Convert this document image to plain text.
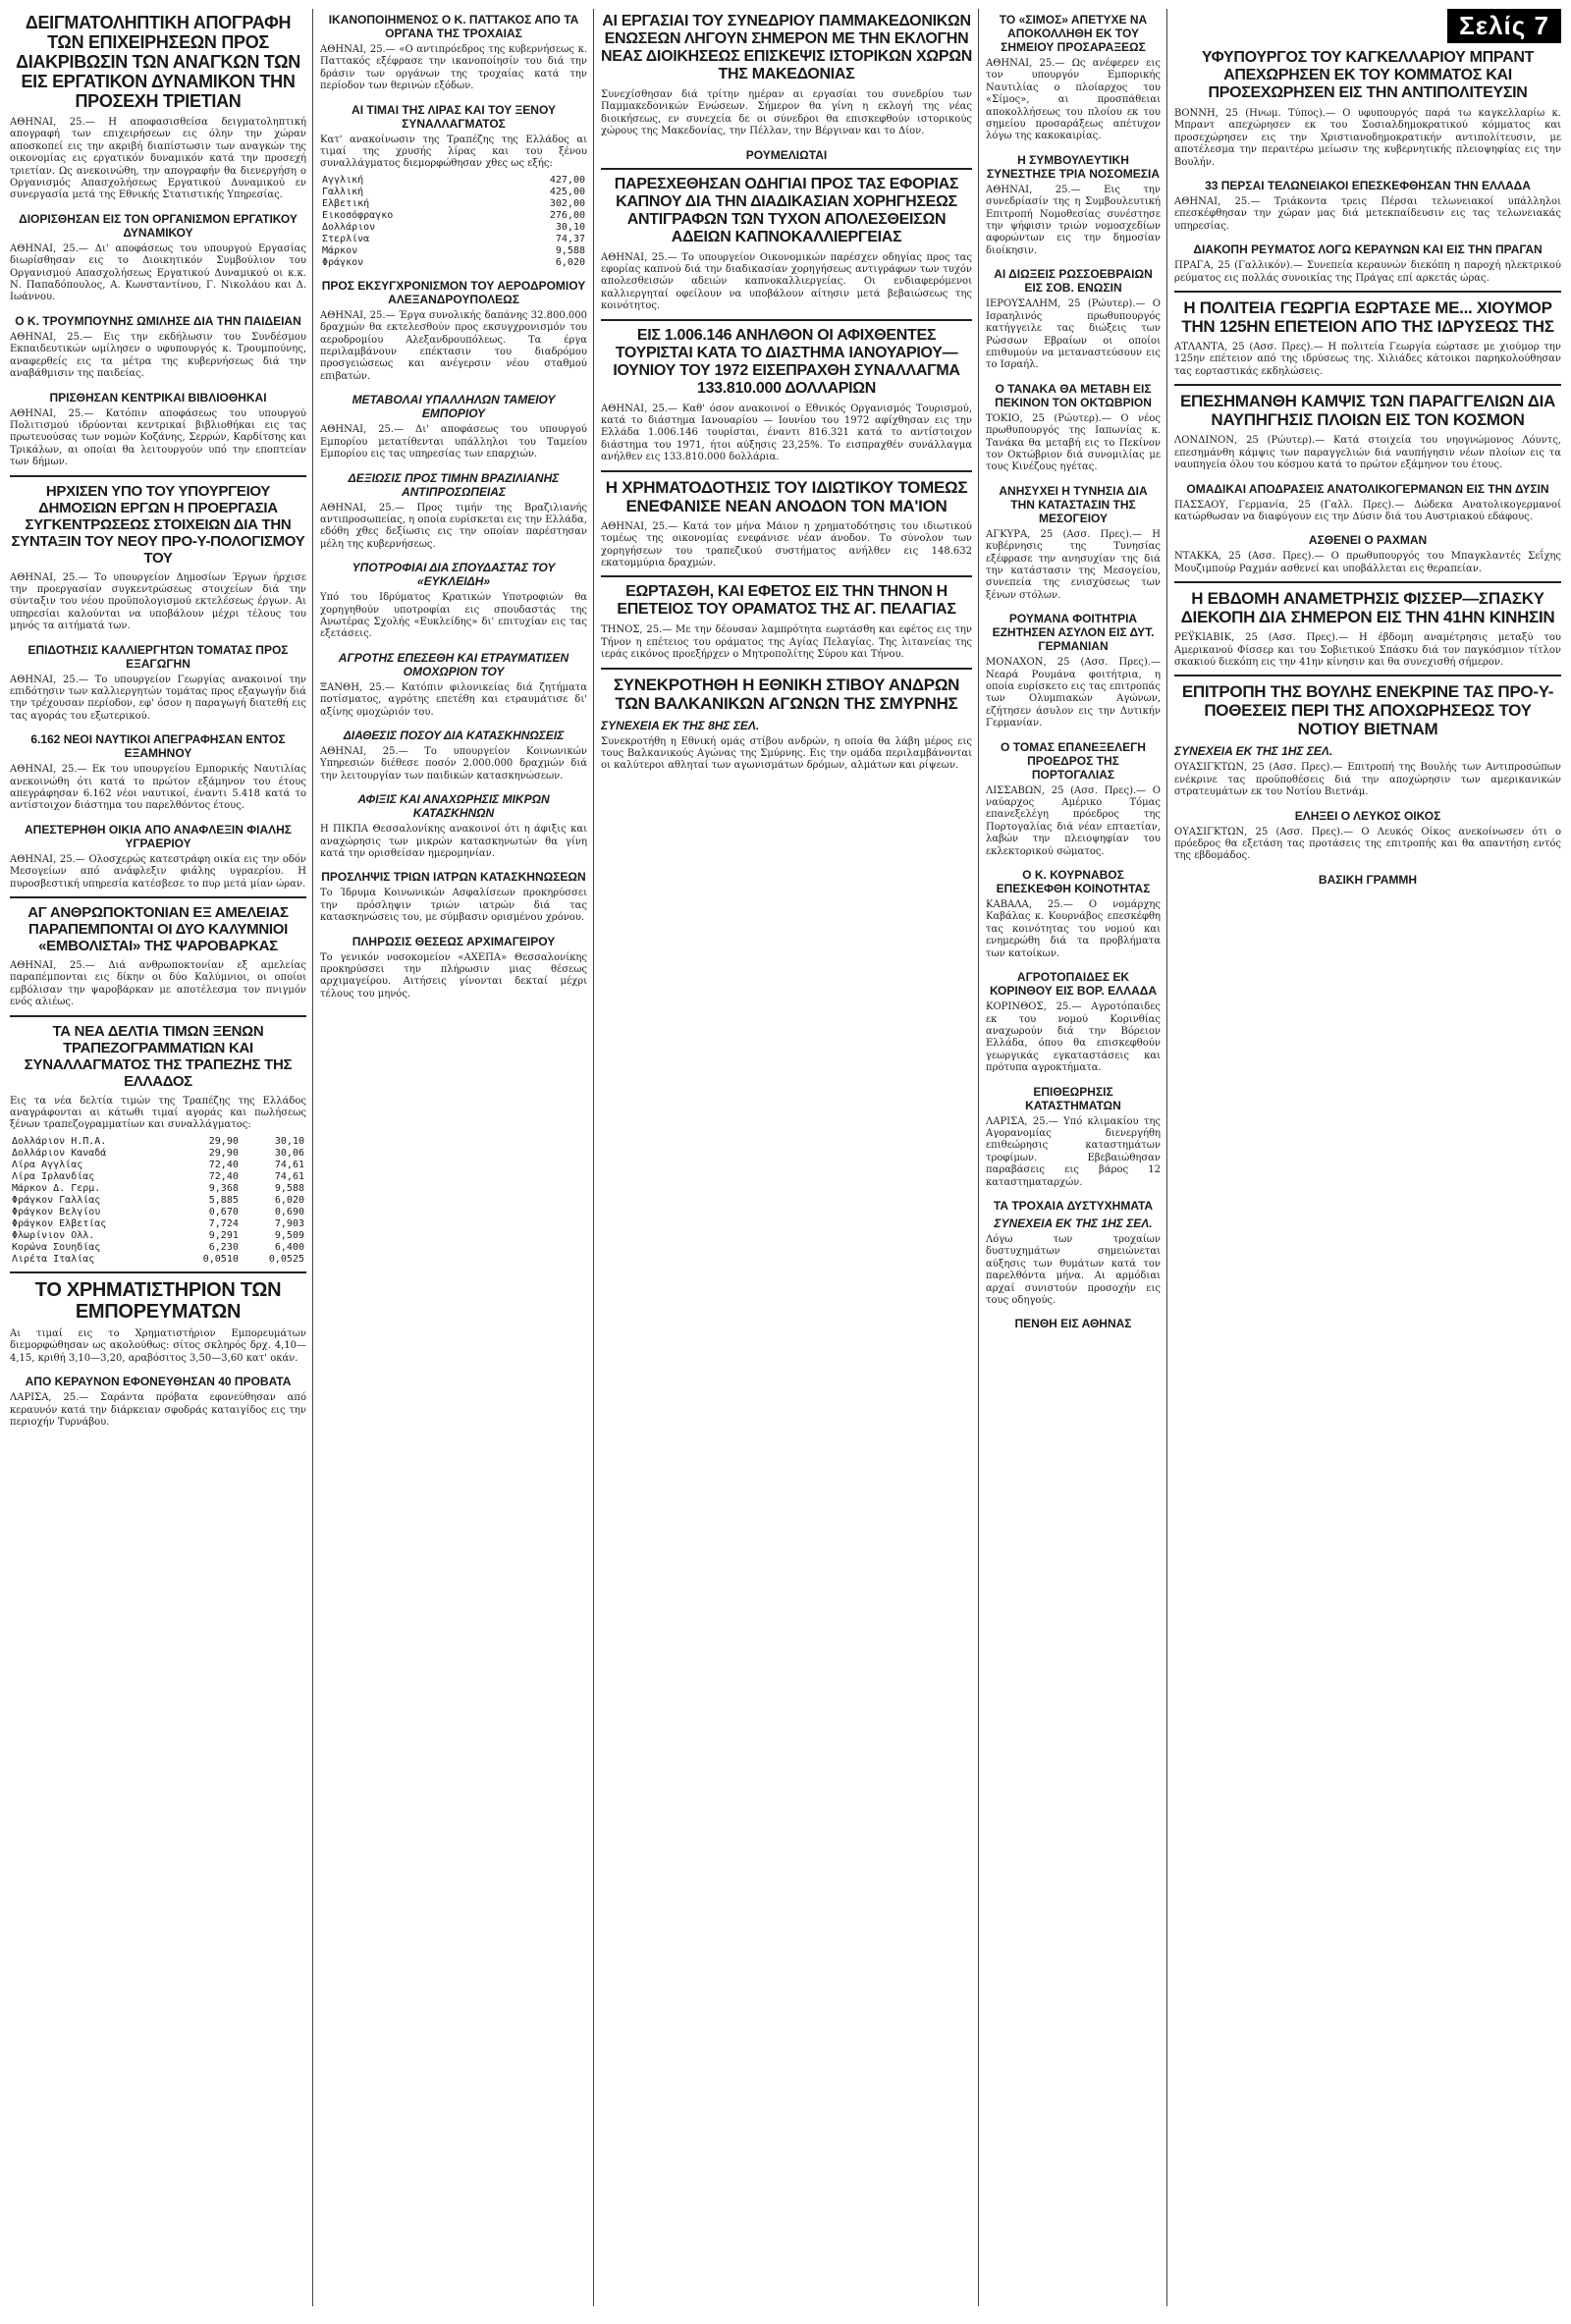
ΔΕΙΓΜΑΤΟΛΗΠΤΙΚΗ ΑΠΟΓΡΑΦΗ ΤΩΝ ΕΠΙΧΕΙΡΗΣΕΩΝ ΠΡΟΣ ΔΙΑΚΡΙΒΩΣΙΝ ΤΩΝ ΑΝΑΓΚΩΝ ΤΩΝ ΕΙΣ ΕΡΓΑΤΙΚΟΝ ΔΥΝΑΜΙΚΟΝ ΤΗΝ ΠΡΟΣΕΧΗ ΤΡΙΕΤΙΑΝ

ΑΘΗΝΑΙ, 25.— Η αποφασισθείσα δειγματοληπτική απογραφή των επιχειρήσεων εις όλην την χώραν αποσκοπεί εις την ακριβή διαπίστωσιν των αναγκών της οικονομίας εις εργατικόν δυναμικόν κατά την προσεχή τριετίαν. Ως ανεκοινώθη, την απογραφήν θα διενεργήση ο Οργανισμός Απασχολήσεως Εργατικού Δυναμικού εν συνεργασία μετά της Εθνικής Στατιστικής Υπηρεσίας.

ΔΙΟΡΙΣΘΗΣΑΝ ΕΙΣ ΤΟΝ ΟΡΓΑΝΙΣΜΟΝ ΕΡΓΑΤΙΚΟΥ ΔΥΝΑΜΙΚΟΥ

ΑΘΗΝΑΙ, 25.— Δι' αποφάσεως του υπουργού Εργασίας διωρίσθησαν εις το Διοικητικόν Συμβούλιον του Οργανισμού Απασχολήσεως Εργατικού Δυναμικού οι κ.κ. Ν. Παπαδόπουλος, Α. Κωνσταντίνου, Γ. Νικολάου και Δ. Ιωάννου.

Ο Κ. ΤΡΟΥΜΠΟΥΝΗΣ ΩΜΙΛΗΣΕ ΔΙΑ ΤΗΝ ΠΑΙΔΕΙΑΝ

ΑΘΗΝΑΙ, 25.— Εις την εκδήλωσιν του Συνδέσμου Εκπαιδευτικών ωμίλησεν ο υφυπουργός κ. Τρουμπούνης, αναφερθείς εις τα μέτρα της κυβερνήσεως διά την αναβάθμισιν της παιδείας.

ΠΡΙΣΘΗΣΑΝ ΚΕΝΤΡΙΚΑΙ ΒΙΒΛΙΟΘΗΚΑΙ

ΑΘΗΝΑΙ, 25.— Κατόπιν αποφάσεως του υπουργού Πολιτισμού ιδρύονται κεντρικαί βιβλιοθήκαι εις τας πρωτευούσας των νομών Κοζάνης, Σερρών, Καρδίτσης και Τρικάλων, αι οποίαι θα λειτουργούν υπό την εποπτείαν των δήμων.

ΗΡΧΙΣΕΝ ΥΠΟ ΤΟΥ ΥΠΟΥΡΓΕΙΟΥ ΔΗΜΟΣΙΩΝ ΕΡΓΩΝ Η ΠΡΟΕΡΓΑΣΙΑ ΣΥΓΚΕΝΤΡΩΣΕΩΣ ΣΤΟΙΧΕΙΩΝ ΔΙΑ ΤΗΝ ΣΥΝΤΑΞΙΝ ΤΟΥ ΝΕΟΥ ΠΡΟ-Υ-ΠΟΛΟΓΙΣΜΟΥ ΤΟΥ

ΑΘΗΝΑΙ, 25.— Το υπουργείον Δημοσίων Έργων ήρχισε την προεργασίαν συγκεντρώσεως στοιχείων διά την σύνταξιν του νέου προϋπολογισμού εκτελέσεως έργων. Αι υπηρεσίαι καλούνται να υποβάλουν μέχρι τέλους του μηνός τα αιτήματά των.

ΕΠΙΔΟΤΗΣΙΣ ΚΑΛΛΙΕΡΓΗΤΩΝ ΤΟΜΑΤΑΣ ΠΡΟΣ ΕΞΑΓΩΓΗΝ

ΑΘΗΝΑΙ, 25.— Το υπουργείον Γεωργίας ανακοινοί την επιδότησιν των καλλιεργητών τομάτας προς εξαγωγήν διά την τρέχουσαν περίοδον, εφ' όσον η παραγωγή διατεθή εις τας αγοράς του εξωτερικού.

6.162 ΝΕΟΙ ΝΑΥΤΙΚΟΙ ΑΠΕΓΡΑΦΗΣΑΝ ΕΝΤΟΣ ΕΞΑΜΗΝΟΥ

ΑΘΗΝΑΙ, 25.— Εκ του υπουργείου Εμπορικής Ναυτιλίας ανεκοινώθη ότι κατά το πρώτον εξάμηνον του έτους απεγράφησαν 6.162 νέοι ναυτικοί, έναντι 5.418 κατά το αντίστοιχον διάστημα του παρελθόντος έτους.

ΑΠΕΣΤΕΡΗΘΗ ΟΙΚΙΑ ΑΠΟ ΑΝΑΦΛΕΞΙΝ ΦΙΑΛΗΣ ΥΓΡΑΕΡΙΟΥ

ΑΘΗΝΑΙ, 25.— Ολοσχερώς κατεστράφη οικία εις την οδόν Μεσογείων από ανάφλεξιν φιάλης υγραερίου. Η πυροσβεστική υπηρεσία κατέσβεσε το πυρ μετά μίαν ώραν.

ΑΓ ΑΝΘΡΩΠΟΚΤΟΝΙΑΝ ΕΞ ΑΜΕΛΕΙΑΣ ΠΑΡΑΠΕΜΠΟΝΤΑΙ ΟΙ ΔΥΟ ΚΑΛΥΜΝΙΟΙ «ΕΜΒΟΛΙΣΤΑΙ» ΤΗΣ ΨΑΡΟΒΑΡΚΑΣ

ΑΘΗΝΑΙ, 25.— Διά ανθρωποκτονίαν εξ αμελείας παραπέμπονται εις δίκην οι δύο Καλύμνιοι, οι οποίοι εμβόλισαν την ψαροβάρκαν με αποτέλεσμα τον πνιγμόν ενός αλιέως.

ΤΑ ΝΕΑ ΔΕΛΤΙΑ ΤΙΜΩΝ ΞΕΝΩΝ ΤΡΑΠΕΖΟΓΡΑΜΜΑΤΙΩΝ ΚΑΙ ΣΥΝΑΛΛΑΓΜΑΤΟΣ ΤΗΣ ΤΡΑΠΕΖΗΣ ΤΗΣ ΕΛΛΑΔΟΣ

Εις τα νέα δελτία τιμών της Τραπέζης της Ελλάδος αναγράφονται αι κάτωθι τιμαί αγοράς και πωλήσεως ξένων τραπεζογραμματίων και συναλλάγματος:

Δολλάριον Η.Π.Α.	29,90	30,10
Δολλάριον Καναδά	29,90	30,06
Λίρα Αγγλίας	72,40	74,61
Λίρα Ιρλανδίας	72,40	74,61
Μάρκον Δ. Γερμ.	9,368	9,588
Φράγκον Γαλλίας	5,885	6,020
Φράγκον Βελγίου	0,670	0,690
Φράγκον Ελβετίας	7,724	7,903
Φλωρίνιον Ολλ.	9,291	9,509
Κορώνα Σουηδίας	6,230	6,400
Λιρέτα Ιταλίας	0,0510	0,0525
ΤΟ ΧΡΗΜΑΤΙΣΤΗΡΙΟΝ ΤΩΝ ΕΜΠΟΡΕΥΜΑΤΩΝ

Αι τιμαί εις το Χρηματιστήριον Εμπορευμάτων διεμορφώθησαν ως ακολούθως: σίτος σκληρός δρχ. 4,10—4,15, κριθή 3,10—3,20, αραβόσιτος 3,50—3,60 κατ' οκάν.

ΑΠΟ ΚΕΡΑΥΝΟΝ ΕΦΟΝΕΥΘΗΣΑΝ 40 ΠΡΟΒΑΤΑ

ΛΑΡΙΣΑ, 25.— Σαράντα πρόβατα εφονεύθησαν από κεραυνόν κατά την διάρκειαν σφοδράς καταιγίδος εις την περιοχήν Τυρνάβου.

ΙΚΑΝΟΠΟΙΗΜΕΝΟΣ Ο Κ. ΠΑΤΤΑΚΟΣ ΑΠΟ ΤΑ ΟΡΓΑΝΑ ΤΗΣ ΤΡΟΧΑΙΑΣ

ΑΘΗΝΑΙ, 25.— «Ο αντιπρόεδρος της κυβερνήσεως κ. Παττακός εξέφρασε την ικανοποίησίν του διά την δράσιν των οργάνων της τροχαίας κατά την περίοδον των θερινών εξόδων.

ΑΙ ΤΙΜΑΙ ΤΗΣ ΛΙΡΑΣ ΚΑΙ ΤΟΥ ΞΕΝΟΥ ΣΥΝΑΛΛΑΓΜΑΤΟΣ

Κατ' ανακοίνωσιν της Τραπέζης της Ελλάδος αι τιμαί της χρυσής λίρας και του ξένου συναλλάγματος διεμορφώθησαν χθες ως εξής:

Αγγλική	427,00
Γαλλική	425,00
Ελβετική	302,00
Εικοσόφραγκο	276,00
Δολλάριον	30,10
Στερλίνα	74,37
Μάρκον	9,588
Φράγκον	6,020
ΠΡΟΣ ΕΚΣΥΓΧΡΟΝΙΣΜΟΝ ΤΟΥ ΑΕΡΟΔΡΟΜΙΟΥ ΑΛΕΞΑΝΔΡΟΥΠΟΛΕΩΣ

ΑΘΗΝΑΙ, 25.— Έργα συνολικής δαπάνης 32.800.000 δραχμών θα εκτελεσθούν προς εκσυγχρονισμόν του αεροδρομίου Αλεξανδρουπόλεως. Τα έργα περιλαμβάνουν επέκτασιν του διαδρόμου προσγειώσεως και ανέγερσιν νέου σταθμού επιβατών.

ΜΕΤΑΒΟΛΑΙ ΥΠΑΛΛΗΛΩΝ ΤΑΜΕΙΟΥ ΕΜΠΟΡΙΟΥ

ΑΘΗΝΑΙ, 25.— Δι' αποφάσεως του υπουργού Εμπορίου μετατίθενται υπάλληλοι του Ταμείου Εμπορίου εις τας υπηρεσίας των επαρχιών.

ΔΕΞΙΩΣΙΣ ΠΡΟΣ ΤΙΜΗΝ ΒΡΑΖΙΛΙΑΝΗΣ ΑΝΤΙΠΡΟΣΩΠΕΙΑΣ

ΑΘΗΝΑΙ, 25.— Προς τιμήν της Βραζιλιανής αντιπροσωπείας, η οποία ευρίσκεται εις την Ελλάδα, εδόθη χθες δεξίωσις εις την οποίαν παρέστησαν μέλη της κυβερνήσεως.

ΥΠΟΤΡΟΦΙΑΙ ΔΙΑ ΣΠΟΥΔΑΣΤΑΣ ΤΟΥ «ΕΥΚΛΕΙΔΗ»

Υπό του Ιδρύματος Κρατικών Υποτροφιών θα χορηγηθούν υποτροφίαι εις σπουδαστάς της Ανωτέρας Σχολής «Ευκλείδης» δι' επιτυχίαν εις τας εξετάσεις.

ΑΓΡΟΤΗΣ ΕΠΕΣΕΘΗ ΚΑΙ ΕΤΡΑΥΜΑΤΙΣΕΝ ΟΜΟΧΩΡΙΟΝ ΤΟΥ

ΞΑΝΘΗ, 25.— Κατόπιν φιλονικείας διά ζητήματα ποτίσματος, αγρότης επετέθη και ετραυμάτισε δι' αξίνης ομοχώριόν του.

ΔΙΑΘΕΣΙΣ ΠΟΣΟΥ ΔΙΑ ΚΑΤΑΣΚΗΝΩΣΕΙΣ

ΑΘΗΝΑΙ, 25.— Το υπουργείον Κοινωνικών Υπηρεσιών διέθεσε ποσόν 2.000.000 δραχμών διά την λειτουργίαν των παιδικών κατασκηνώσεων.

ΑΦΙΞΙΣ ΚΑΙ ΑΝΑΧΩΡΗΣΙΣ ΜΙΚΡΩΝ ΚΑΤΑΣΚΗΝΩΝ

Η ΠΙΚΠΑ Θεσσαλονίκης ανακοινοί ότι η άφιξις και αναχώρησις των μικρών κατασκηνωτών θα γίνη κατά την ορισθείσαν ημερομηνίαν.

ΠΡΟΣΛΗΨΙΣ ΤΡΙΩΝ ΙΑΤΡΩΝ ΚΑΤΑΣΚΗΝΩΣΕΩΝ

Το Ίδρυμα Κοινωνικών Ασφαλίσεων προκηρύσσει την πρόσληψιν τριών ιατρών διά τας κατασκηνώσεις του, με σύμβασιν ορισμένου χρόνου.

ΠΛΗΡΩΣΙΣ ΘΕΣΕΩΣ ΑΡΧΙΜΑΓΕΙΡΟΥ

Το γενικόν νοσοκομείον «ΑΧΕΠΑ» Θεσσαλονίκης προκηρύσσει την πλήρωσιν μιας θέσεως αρχιμαγείρου. Αιτήσεις γίνονται δεκταί μέχρι τέλους του μηνός.

ΑΙ ΕΡΓΑΣΙΑΙ ΤΟΥ ΣΥΝΕΔΡΙΟΥ ΠΑΜΜΑΚΕΔΟΝΙΚΩΝ ΕΝΩΣΕΩΝ ΛΗΓΟΥΝ ΣΗΜΕΡΟΝ ΜΕ ΤΗΝ ΕΚΛΟΓΗΝ ΝΕΑΣ ΔΙΟΙΚΗΣΕΩΣ ΕΠΙΣΚΕΨΙΣ ΙΣΤΟΡΙΚΩΝ ΧΩΡΩΝ ΤΗΣ ΜΑΚΕΔΟΝΙΑΣ

Συνεχίσθησαν διά τρίτην ημέραν αι εργασίαι του συνεδρίου των Παμμακεδονικών Ενώσεων. Σήμερον θα γίνη η εκλογή της νέας διοικήσεως, εν συνεχεία δε οι σύνεδροι θα επισκεφθούν ιστορικούς χώρους της Μακεδονίας, την Πέλλαν, την Βέργιναν και το Δίον.

ΡΟΥΜΕΛΙΩΤΑΙ
ΠΑΡΕΣΧΕΘΗΣΑΝ ΟΔΗΓΙΑΙ ΠΡΟΣ ΤΑΣ ΕΦΟΡΙΑΣ ΚΑΠΝΟΥ ΔΙΑ ΤΗΝ ΔΙΑΔΙΚΑΣΙΑΝ ΧΟΡΗΓΗΣΕΩΣ ΑΝΤΙΓΡΑΦΩΝ ΤΩΝ ΤΥΧΟΝ ΑΠΟΛΕΣΘΕΙΣΩΝ ΑΔΕΙΩΝ ΚΑΠΝΟΚΑΛΛΙΕΡΓΕΙΑΣ

ΑΘΗΝΑΙ, 25.— Το υπουργείον Οικονομικών παρέσχεν οδηγίας προς τας εφορίας καπνού διά την διαδικασίαν χορηγήσεως αντιγράφων των τυχόν απολεσθεισών αδειών καπνοκαλλιεργείας. Οι ενδιαφερόμενοι καλλιεργηταί οφείλουν να υποβάλουν αίτησιν μετά βεβαιώσεως της κοινότητος.

ΕΙΣ 1.006.146 ΑΝΗΛΘΟΝ ΟΙ ΑΦΙΧΘΕΝΤΕΣ ΤΟΥΡΙΣΤΑΙ ΚΑΤΑ ΤΟ ΔΙΑΣΤΗΜΑ ΙΑΝΟΥΑΡΙΟΥ—ΙΟΥΝΙΟΥ ΤΟΥ 1972 ΕΙΣΕΠΡΑΧΘΗ ΣΥΝΑΛΛΑΓΜΑ 133.810.000 ΔΟΛΛΑΡΙΩΝ

ΑΘΗΝΑΙ, 25.— Καθ' όσον ανακοινοί ο Εθνικός Οργανισμός Τουρισμού, κατά το διάστημα Ιανουαρίου — Ιουνίου του 1972 αφίχθησαν εις την Ελλάδα 1.006.146 τουρίσται, έναντι 816.321 κατά το αντίστοιχον διάστημα του 1971, ήτοι αύξησις 23,25%. Το εισπραχθέν συνάλλαγμα ανήλθεν εις 133.810.000 δολλάρια.

Η ΧΡΗΜΑΤΟΔΟΤΗΣΙΣ ΤΟΥ ΙΔΙΩΤΙΚΟΥ ΤΟΜΕΩΣ ΕΝΕΦΑΝΙΣΕ ΝΕΑΝ ΑΝΟΔΟΝ ΤΟΝ ΜΑ'ΙΟΝ

ΑΘΗΝΑΙ, 25.— Κατά τον μήνα Μάιον η χρηματοδότησις του ιδιωτικού τομέως της οικονομίας ενεφάνισε νέαν άνοδον. Το σύνολον των χορηγήσεων του τραπεζικού συστήματος ανήλθεν εις 148.632 εκατομμύρια δραχμών.

ΕΩΡΤΑΣΘΗ, ΚΑΙ ΕΦΕΤΟΣ ΕΙΣ ΤΗΝ ΤΗΝΟΝ Η ΕΠΕΤΕΙΟΣ ΤΟΥ ΟΡΑΜΑΤΟΣ ΤΗΣ ΑΓ. ΠΕΛΑΓΙΑΣ

ΤΗΝΟΣ, 25.— Με την δέουσαν λαμπρότητα εωρτάσθη και εφέτος εις την Τήνον η επέτειος του οράματος της Αγίας Πελαγίας. Της λιτανείας της ιεράς εικόνος προεξήρχεν ο Μητροπολίτης Σύρου και Τήνου.

ΣΥΝΕΚΡΟΤΗΘΗ Η ΕΘΝΙΚΗ ΣΤΙΒΟΥ ΑΝΔΡΩΝ ΤΩΝ ΒΑΛΚΑΝΙΚΩΝ ΑΓΩΝΩΝ ΤΗΣ ΣΜΥΡΝΗΣ
ΣΥΝΕΧΕΙΑ ΕΚ ΤΗΣ 8ΗΣ ΣΕΛ.

Συνεκροτήθη η Εθνική ομάς στίβου ανδρών, η οποία θα λάβη μέρος εις τους Βαλκανικούς Αγώνας της Σμύρνης. Εις την ομάδα περιλαμβάνονται οι καλύτεροι αθληταί των αγωνισμάτων δρόμων, αλμάτων και ρίψεων.

ΤΟ «ΣΙΜΟΣ» ΑΠΕΤΥΧΕ ΝΑ ΑΠΟΚΟΛΛΗΘΗ ΕΚ ΤΟΥ ΣΗΜΕΙΟΥ ΠΡΟΣΑΡΑΞΕΩΣ

ΑΘΗΝΑΙ, 25.— Ως ανέφερεν εις τον υπουργόν Εμπορικής Ναυτιλίας ο πλοίαρχος του «Σίμος», αι προσπάθειαι αποκολλήσεως του πλοίου εκ του σημείου προσαράξεως απέτυχον λόγω της κακοκαιρίας.

Η ΣΥΜΒΟΥΛΕΥΤΙΚΗ ΣΥΝΕΣΤΗΣΕ ΤΡΙΑ ΝΟΣΟΜΕΣΙΑ

ΑΘΗΝΑΙ, 25.— Εις την συνεδρίασίν της η Συμβουλευτική Επιτροπή Νομοθεσίας συνέστησε την ψήφισιν τριών νομοσχεδίων αφορώντων εις την δημοσίαν διοίκησιν.

ΑΙ ΔΙΩΞΕΙΣ ΡΩΣΣΟΕΒΡΑΙΩΝ ΕΙΣ ΣΟΒ. ΕΝΩΣΙΝ

ΙΕΡΟΥΣΑΛΗΜ, 25 (Ρώυτερ).— Ο Ισραηλινός πρωθυπουργός κατήγγειλε τας διώξεις των Ρώσσων Εβραίων οι οποίοι επιθυμούν να μεταναστεύσουν εις το Ισραήλ.

Ο ΤΑΝΑΚΑ ΘΑ ΜΕΤΑΒΗ ΕΙΣ ΠΕΚΙΝΟΝ ΤΟΝ ΟΚΤΩΒΡΙΟΝ

ΤΟΚΙΟ, 25 (Ρώυτερ).— Ο νέος πρωθυπουργός της Ιαπωνίας κ. Τανάκα θα μεταβή εις το Πεκίνον τον Οκτώβριον διά συνομιλίας με τους Κινέζους ηγέτας.

ΑΝΗΣΥΧΕΙ Η ΤΥΝΗΣΙΑ ΔΙΑ ΤΗΝ ΚΑΤΑΣΤΑΣΙΝ ΤΗΣ ΜΕΣΟΓΕΙΟΥ

ΑΓΚΥΡΑ, 25 (Ασσ. Πρες).— Η κυβέρνησις της Τυνησίας εξέφρασε την ανησυχίαν της διά την κατάστασιν της Μεσογείου, συνεπεία της ενισχύσεως των ξένων στόλων.

ΡΟΥΜΑΝΑ ΦΟΙΤΗΤΡΙΑ ΕΖΗΤΗΣΕΝ ΑΣΥΛΟΝ ΕΙΣ ΔΥΤ. ΓΕΡΜΑΝΙΑΝ

ΜΟΝΑΧΟΝ, 25 (Ασσ. Πρες).— Νεαρά Ρουμάνα φοιτήτρια, η οποία ευρίσκετο εις τας επιτροπάς των Ολυμπιακών Αγώνων, εζήτησεν άσυλον εις την Δυτικήν Γερμανίαν.

Ο ΤΟΜΑΣ ΕΠΑΝΕΞΕΛΕΓΗ ΠΡΟΕΔΡΟΣ ΤΗΣ ΠΟΡΤΟΓΑΛΙΑΣ

ΛΙΣΣΑΒΩΝ, 25 (Ασσ. Πρες).— Ο ναύαρχος Αμέρικο Τόμας επανεξελέγη πρόεδρος της Πορτογαλίας διά νέαν επταετίαν, λαβών την πλειοψηφίαν του εκλεκτορικού σώματος.

Ο Κ. ΚΟΥΡΝΑΒΟΣ ΕΠΕΣΚΕΦΘΗ ΚΟΙΝΟΤΗΤΑΣ

ΚΑΒΑΛΑ, 25.— Ο νομάρχης Καβάλας κ. Κουρνάβος επεσκέφθη τας κοινότητας του νομού και ενημερώθη διά τα προβλήματα των κατοίκων.

ΑΓΡΟΤΟΠΑΙΔΕΣ ΕΚ ΚΟΡΙΝΘΟΥ ΕΙΣ ΒΟΡ. ΕΛΛΑΔΑ

ΚΟΡΙΝΘΟΣ, 25.— Αγροτόπαιδες εκ του νομού Κορινθίας αναχωρούν διά την Βόρειον Ελλάδα, όπου θα επισκεφθούν γεωργικάς εγκαταστάσεις και πρότυπα αγροκτήματα.

ΕΠΙΘΕΩΡΗΣΙΣ ΚΑΤΑΣΤΗΜΑΤΩΝ

ΛΑΡΙΣΑ, 25.— Υπό κλιμακίου της Αγορανομίας διενεργήθη επιθεώρησις καταστημάτων τροφίμων. Εβεβαιώθησαν παραβάσεις εις βάρος 12 καταστηματαρχών.

ΤΑ ΤΡΟΧΑΙΑ ΔΥΣΤΥΧΗΜΑΤΑ
ΣΥΝΕΧΕΙΑ ΕΚ ΤΗΣ 1ΗΣ ΣΕΛ.

Λόγω των τροχαίων δυστυχημάτων σημειώνεται αύξησις των θυμάτων κατά τον παρελθόντα μήνα. Αι αρμόδιαι αρχαί συνιστούν προσοχήν εις τους οδηγούς.

ΠΕΝΘΗ ΕΙΣ ΑΘΗΝΑΣ
Σελίς 7
ΥΦΥΠΟΥΡΓΟΣ ΤΟΥ ΚΑΓΚΕΛΛΑΡΙΟΥ ΜΠΡΑΝΤ ΑΠΕΧΩΡΗΣΕΝ ΕΚ ΤΟΥ ΚΟΜΜΑΤΟΣ ΚΑΙ ΠΡΟΣΕΧΩΡΗΣΕΝ ΕΙΣ ΤΗΝ ΑΝΤΙΠΟΛΙΤΕΥΣΙΝ

ΒΟΝΝΗ, 25 (Ηνωμ. Τύπος).— Ο υφυπουργός παρά τω καγκελλαρίω κ. Μπραντ απεχώρησεν εκ του Σοσιαλδημοκρατικού κόμματος και προσεχώρησεν εις την Χριστιανοδημοκρατικήν αντιπολίτευσιν, με αποτέλεσμα την περαιτέρω μείωσιν της κυβερνητικής πλειοψηφίας εις την Βουλήν.

33 ΠΕΡΣΑΙ ΤΕΛΩΝΕΙΑΚΟΙ ΕΠΕΣΚΕΦΘΗΣΑΝ ΤΗΝ ΕΛΛΑΔΑ

ΑΘΗΝΑΙ, 25.— Τριάκοντα τρεις Πέρσαι τελωνειακοί υπάλληλοι επεσκέφθησαν την χώραν μας διά μετεκπαίδευσιν εις τας τελωνειακάς υπηρεσίας.

ΔΙΑΚΟΠΗ ΡΕΥΜΑΤΟΣ ΛΟΓΩ ΚΕΡΑΥΝΩΝ ΚΑΙ ΕΙΣ ΤΗΝ ΠΡΑΓΑΝ

ΠΡΑΓΑ, 25 (Γαλλικόν).— Συνεπεία κεραυνών διεκόπη η παροχή ηλεκτρικού ρεύματος εις πολλάς συνοικίας της Πράγας επί αρκετάς ώρας.

Η ΠΟΛΙΤΕΙΑ ΓΕΩΡΓΙΑ ΕΩΡΤΑΣΕ ΜΕ... ΧΙΟΥΜΟΡ ΤΗΝ 125ΗΝ ΕΠΕΤΕΙΟΝ ΑΠΟ ΤΗΣ ΙΔΡΥΣΕΩΣ ΤΗΣ

ΑΤΛΑΝΤΑ, 25 (Ασσ. Πρες).— Η πολιτεία Γεωργία εώρτασε με χιούμορ την 125ην επέτειον από της ιδρύσεως της. Χιλιάδες κάτοικοι παρηκολούθησαν τας εορταστικάς εκδηλώσεις.

ΕΠΕΣΗΜΑΝΘΗ ΚΑΜΨΙΣ ΤΩΝ ΠΑΡΑΓΓΕΛΙΩΝ ΔΙΑ ΝΑΥΠΗΓΗΣΙΣ ΠΛΟΙΩΝ ΕΙΣ ΤΟΝ ΚΟΣΜΟΝ

ΛΟΝΔΙΝΟΝ, 25 (Ρώυτερ).— Κατά στοιχεία του νηογνώμονος Λόυντς, επεσημάνθη κάμψις των παραγγελιών διά ναυπήγησιν νέων πλοίων εις τα ναυπηγεία όλου του κόσμου κατά το πρώτον εξάμηνον του έτους.

ΟΜΑΔΙΚΑΙ ΑΠΟΔΡΑΣΕΙΣ ΑΝΑΤΟΛΙΚΟΓΕΡΜΑΝΩΝ ΕΙΣ ΤΗΝ ΔΥΣΙΝ

ΠΑΣΣΑΟΥ, Γερμανία, 25 (Γαλλ. Πρες).— Δώδεκα Ανατολικογερμανοί κατώρθωσαν να διαφύγουν εις την Δύσιν διά του Αυστριακού εδάφους.

ΑΣΘΕΝΕΙ Ο ΡΑΧΜΑΝ

ΝΤΑΚΚΑ, 25 (Ασσ. Πρες).— Ο πρωθυπουργός του Μπαγκλαντές Σεΐχης Μουζιμπούρ Ραχμάν ασθενεί και υποβάλλεται εις θεραπείαν.

Η ΕΒΔΟΜΗ ΑΝΑΜΕΤΡΗΣΙΣ ΦΙΣΣΕΡ—ΣΠΑΣΚΥ ΔΙΕΚΟΠΗ ΔΙΑ ΣΗΜΕΡΟΝ ΕΙΣ ΤΗΝ 41ΗΝ ΚΙΝΗΣΙΝ

ΡΕΫΚΙΑΒΙΚ, 25 (Ασσ. Πρες).— Η έβδομη αναμέτρησις μεταξύ του Αμερικανού Φίσσερ και του Σοβιετικού Σπάσκυ διά τον παγκόσμιον τίτλον σκακιού διεκόπη εις την 41ην κίνησιν και θα συνεχισθή σήμερον.

ΕΠΙΤΡΟΠΗ ΤΗΣ ΒΟΥΛΗΣ ΕΝΕΚΡΙΝΕ ΤΑΣ ΠΡΟ-Υ-ΠΟΘΕΣΕΙΣ ΠΕΡΙ ΤΗΣ ΑΠΟΧΩΡΗΣΕΩΣ ΤΟΥ ΝΟΤΙΟΥ ΒΙΕΤΝΑΜ
ΣΥΝΕΧΕΙΑ ΕΚ ΤΗΣ 1ΗΣ ΣΕΛ.

ΟΥΑΣΙΓΚΤΩΝ, 25 (Ασσ. Πρες).— Επιτροπή της Βουλής των Αντιπροσώπων ενέκρινε τας προϋποθέσεις διά την αποχώρησιν των αμερικανικών στρατευμάτων εκ του Νοτίου Βιετνάμ.

ΕΛΗΞΕΙ Ο ΛΕΥΚΟΣ ΟΙΚΟΣ

ΟΥΑΣΙΓΚΤΩΝ, 25 (Ασσ. Πρες).— Ο Λευκός Οίκος ανεκοίνωσεν ότι ο πρόεδρος θα εξετάση τας προτάσεις της επιτροπής και θα απαντήση εντός της εβδομάδος.

ΒΑΣΙΚΗ ΓΡΑΜΜΗ
